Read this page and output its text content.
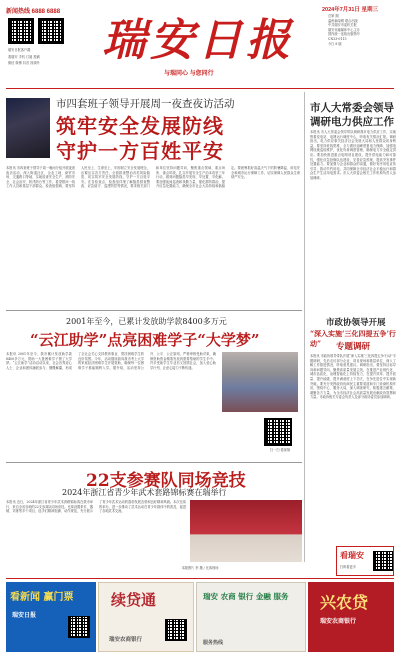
新闻热线 6888 6888
瑞安日报客户端
看瑞安 手机 订阅 投稿
微信 微博 抖音 视频号	瑞安日报
与瑞同心 与您同行
2024年7月31日 星期三
总第 期
温州新闻网 联合出版
中共瑞安市委机关报
瑞安市融媒体中心主办
国内统一连续出版物号
CN33-0115
今日 8 版
市四套班子领导开展周一夜查夜访活动
筑牢安全发展防线
守护一方百姓平安
本报讯 市四套班子领导于周一晚间分组开展夜查夜访活动，深入街道社区、企业工地、商贸市场、交通路口等地，实地检查安全生产、消防安全、社会治安、防汛防台等工作，看望慰问一线工作人员和基层干部群众。检查组强调，要坚持人民至上、生命至上，牢固树立安全发展理念，压紧压实各方责任，全面排查整治各类风险隐患，切实筑牢安全发展防线，守护一方百姓平安。在各检查点，检查组详细了解隐患排查整改、应急值守、巡逻防控等情况，要求相关部门和单位坚持问题导向，聚焦重点领域、重点场所、重点时段，扎实开展安全生产治本攻坚三年行动，做到问题隐患早发现、早处置、早化解。要加强夜间巡查和执勤力量，强化群防群治，提升应急处置能力，确保全市社会大局持续和谐稳定。要统筹抓好高温天气下的防暑降温、用电安全和城市运行保障工作，切实保障人民群众生命财产安全。
市人大常委会领导
调研电力供应工作
本报讯 市人大常委会领导带队调研我市电力供应工作，实地察看变电站、电网运行调度中心，听取有关情况汇报。调研指出，电力供应事关经济社会发展大局和人民群众切身利益，要坚持底线思维，全力做好迎峰度夏电力保障，加强电网设施巡检维护，优化负荷调度管理，确保电力安全稳定供应。要加快推进重点电网项目建设，提升供电能力和可靠性，强化应急抢修队伍建设，完善应急预案，提高突发事件处置能力。要加强与企业和群众的沟通，做好有序用电宣传引导，推动节约用电，共同保障全市经济社会平稳运行和群众生产生活用电需求。市人大常委会相关工作机构负责人参加调研。
2001年至今，已累计发放助学款8400多万元
“云江助学”点亮困难学子“大学梦”
本报讯 2001年至今，我市累计发放助学款8400多万元，帮助一大批困难学子圆了大学梦。“云江助学”活动启动以来，社会各界爱心人士、企业和团体踊跃参与，慷慨解囊，形成了全社会关心支持教育事业、帮扶困难学生的良好氛围。今年，活动继续面向我市考上大学的家庭经济困难学生开展资助，确保每一位困难学子都能顺利入学。据介绍，活动坚持公开、公平、公正原则，严格审核受助对象，确保资助资金精准发放到需要帮助的学生手中。许多受助学生毕业后又回馈社会，加入爱心助学行列，让爱心接力不断传递。
扫一扫 看视频
市政协领导开展
“深入实施‘三化四提五争’行动”	专题调研
本报讯 市政协领导带队开展“深入实施‘三化四提五争’行动”专题调研，先后走访部分企业、项目现场和基层单位，深入了解工作推进情况，听取意见建议。调研指出，要坚持目标导向和问题导向，聚焦高质量发展主线，在推进产业现代化、城市品质化、治理智能化上持续发力，在提升效率、提升质量、提升能级、提升满意度上下功夫，在争先进位中实现新突破。要充分发挥政协协商民主重要渠道和专门协商机构作用，围绕中心、服务大局，深入调查研究，积极建言献策，凝聚各方力量，为全市经济社会高质量发展贡献政协智慧和力量。市政协相关专委会负责人及部分政协委员参加调研。
22支参赛队同场竞技
2024年浙江省青少年武术套路锦标赛在瑞举行
本报讯 近日，2024年浙江省青少年武术套路锦标赛在我市举行，来自全省各地的22支参赛队同场竞技。比赛设置拳术、器械、对练等多个项目，选手们精神饱满、动作规范，充分展示了青少年武术运动的蓬勃发展态势和良好精神风貌。本次比赛的举办，进一步推动了武术运动在青少年群体中的普及，促进了各地武术交流。
本版图片 李 摄 / 比赛现场
看瑞安
扫码看更多
看新闻 赢门票
瑞安日报
续贷通
瑞安农商银行
瑞安 农商 银行 金融 服务
服务热线
兴农贷
瑞安农商银行
